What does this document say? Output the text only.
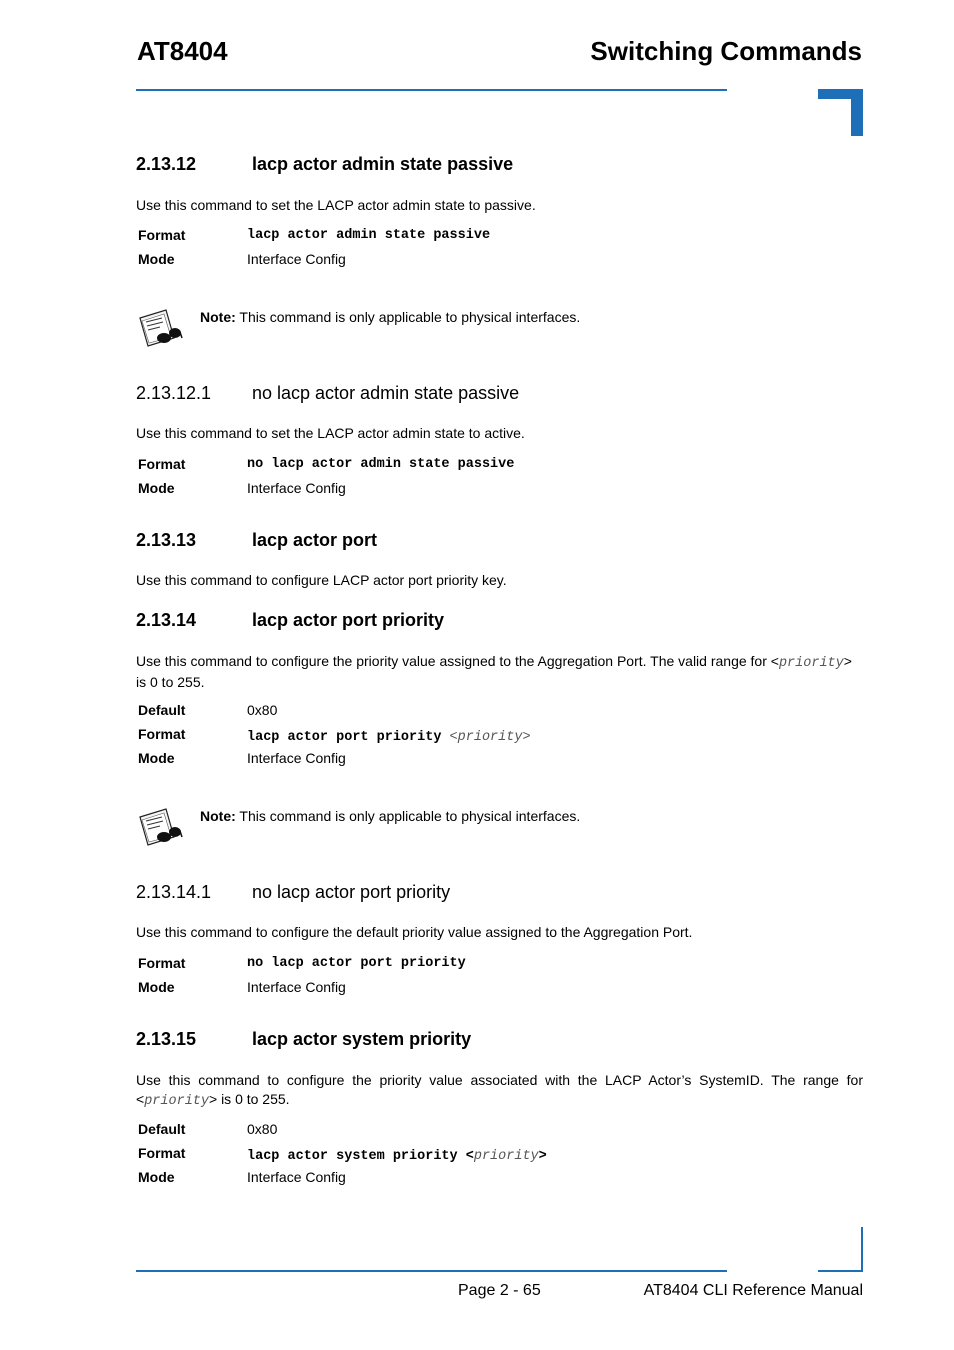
AT8404	Switching Commands
2.13.12	lacp actor admin state passive
Use this command to set the LACP actor admin state to passive.
Format	lacp actor admin state passive
Mode	Interface Config
Note: This command is only applicable to physical interfaces.
2.13.12.1 no lacp actor admin state passive
Use this command to set the LACP actor admin state to active.
Format	no lacp actor admin state passive
Mode	Interface Config
2.13.13	lacp actor port
Use this command to configure LACP actor port priority key.
2.13.14	lacp actor port priority
Use this command to configure the priority value assigned to the Aggregation Port. The valid range for <priority> is 0 to 255.
Default	0x80
Format	lacp actor port priority <priority>
Mode	Interface Config
Note: This command is only applicable to physical interfaces.
2.13.14.1 no lacp actor port priority
Use this command to configure the default priority value assigned to the Aggregation Port.
Format	no lacp actor port priority
Mode	Interface Config
2.13.15	lacp actor system priority
Use this command to configure the priority value associated with the LACP Actor’s SystemID. The range for <priority> is 0 to 255.
Default	0x80
Format	lacp actor system priority <priority>
Mode	Interface Config
Page 2 - 65	AT8404 CLI Reference Manual
